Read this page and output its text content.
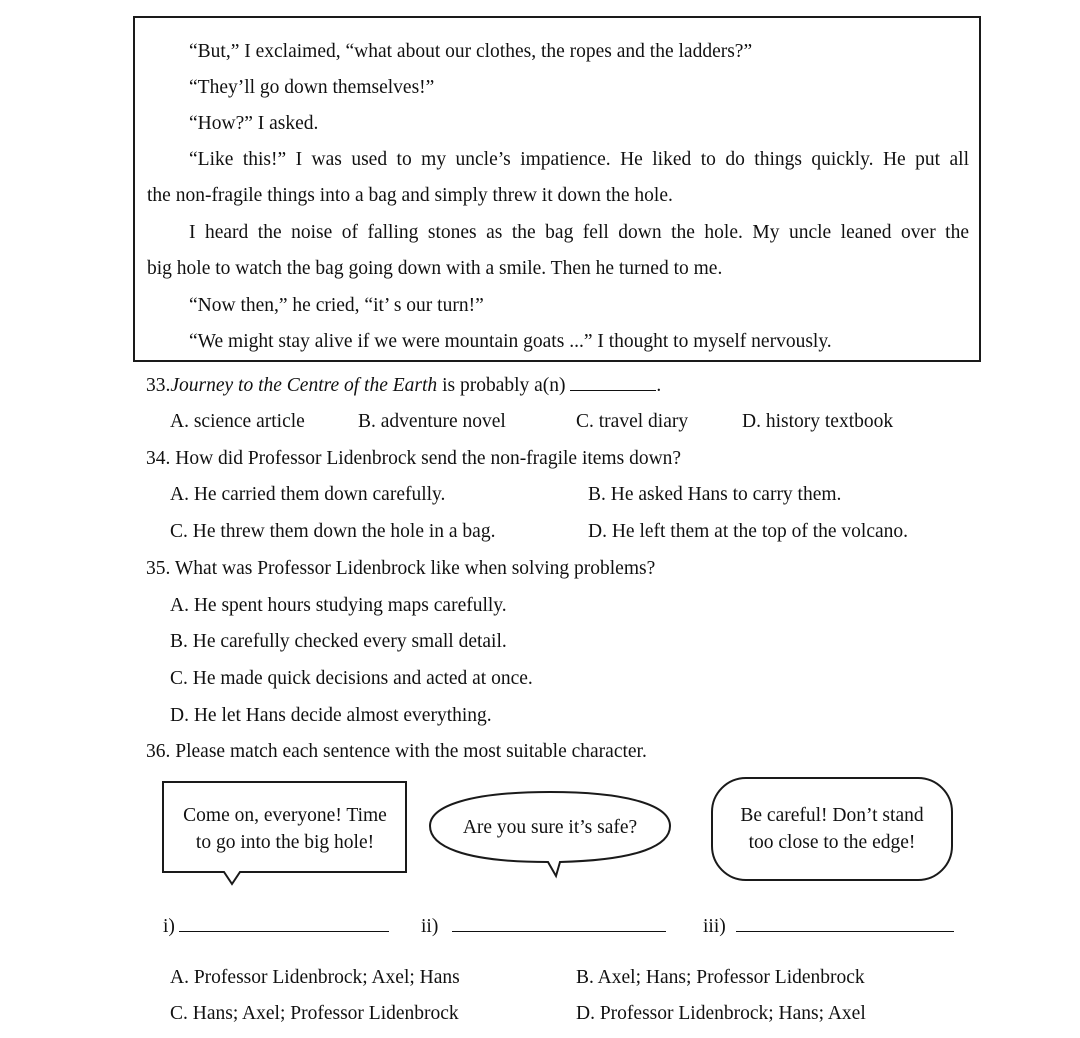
“But,” I exclaimed, “what about our clothes, the ropes and the ladders?”
“They’ll go down themselves!”
“How?” I asked.
“Like this!” I was used to my uncle’s impatience. He liked to do things quickly. He put all
the non-fragile things into a bag and simply threw it down the hole.
I heard the noise of falling stones as the bag fell down the hole. My uncle leaned over the
big hole to watch the bag going down with a smile. Then he turned to me.
“Now then,” he cried, “it’ s our turn!”
“We might stay alive if we were mountain goats ...” I thought to myself nervously.
33.Journey to the Centre of the Earth is probably a(n)	.
A. science article	B. adventure novel	C. travel diary	D. history textbook
34. How did Professor Lidenbrock send the non-fragile items down?
A. He carried them down carefully.	B. He asked Hans to carry them.
C. He threw them down the hole in a bag.	D. He left them at the top of the volcano.
35. What was Professor Lidenbrock like when solving problems?
A. He spent hours studying maps carefully.
B. He carefully checked every small detail.
C. He made quick decisions and acted at once.
D. He let Hans decide almost everything.
36. Please match each sentence with the most suitable character.
Come on, everyone! Time
to go into the big hole!
Are you sure it’s safe?
Be careful! Don’t stand
too close to the edge!
i)	ii)	iii)
A. Professor Lidenbrock; Axel; Hans	B. Axel; Hans; Professor Lidenbrock
C. Hans; Axel; Professor Lidenbrock	D. Professor Lidenbrock; Hans; Axel
